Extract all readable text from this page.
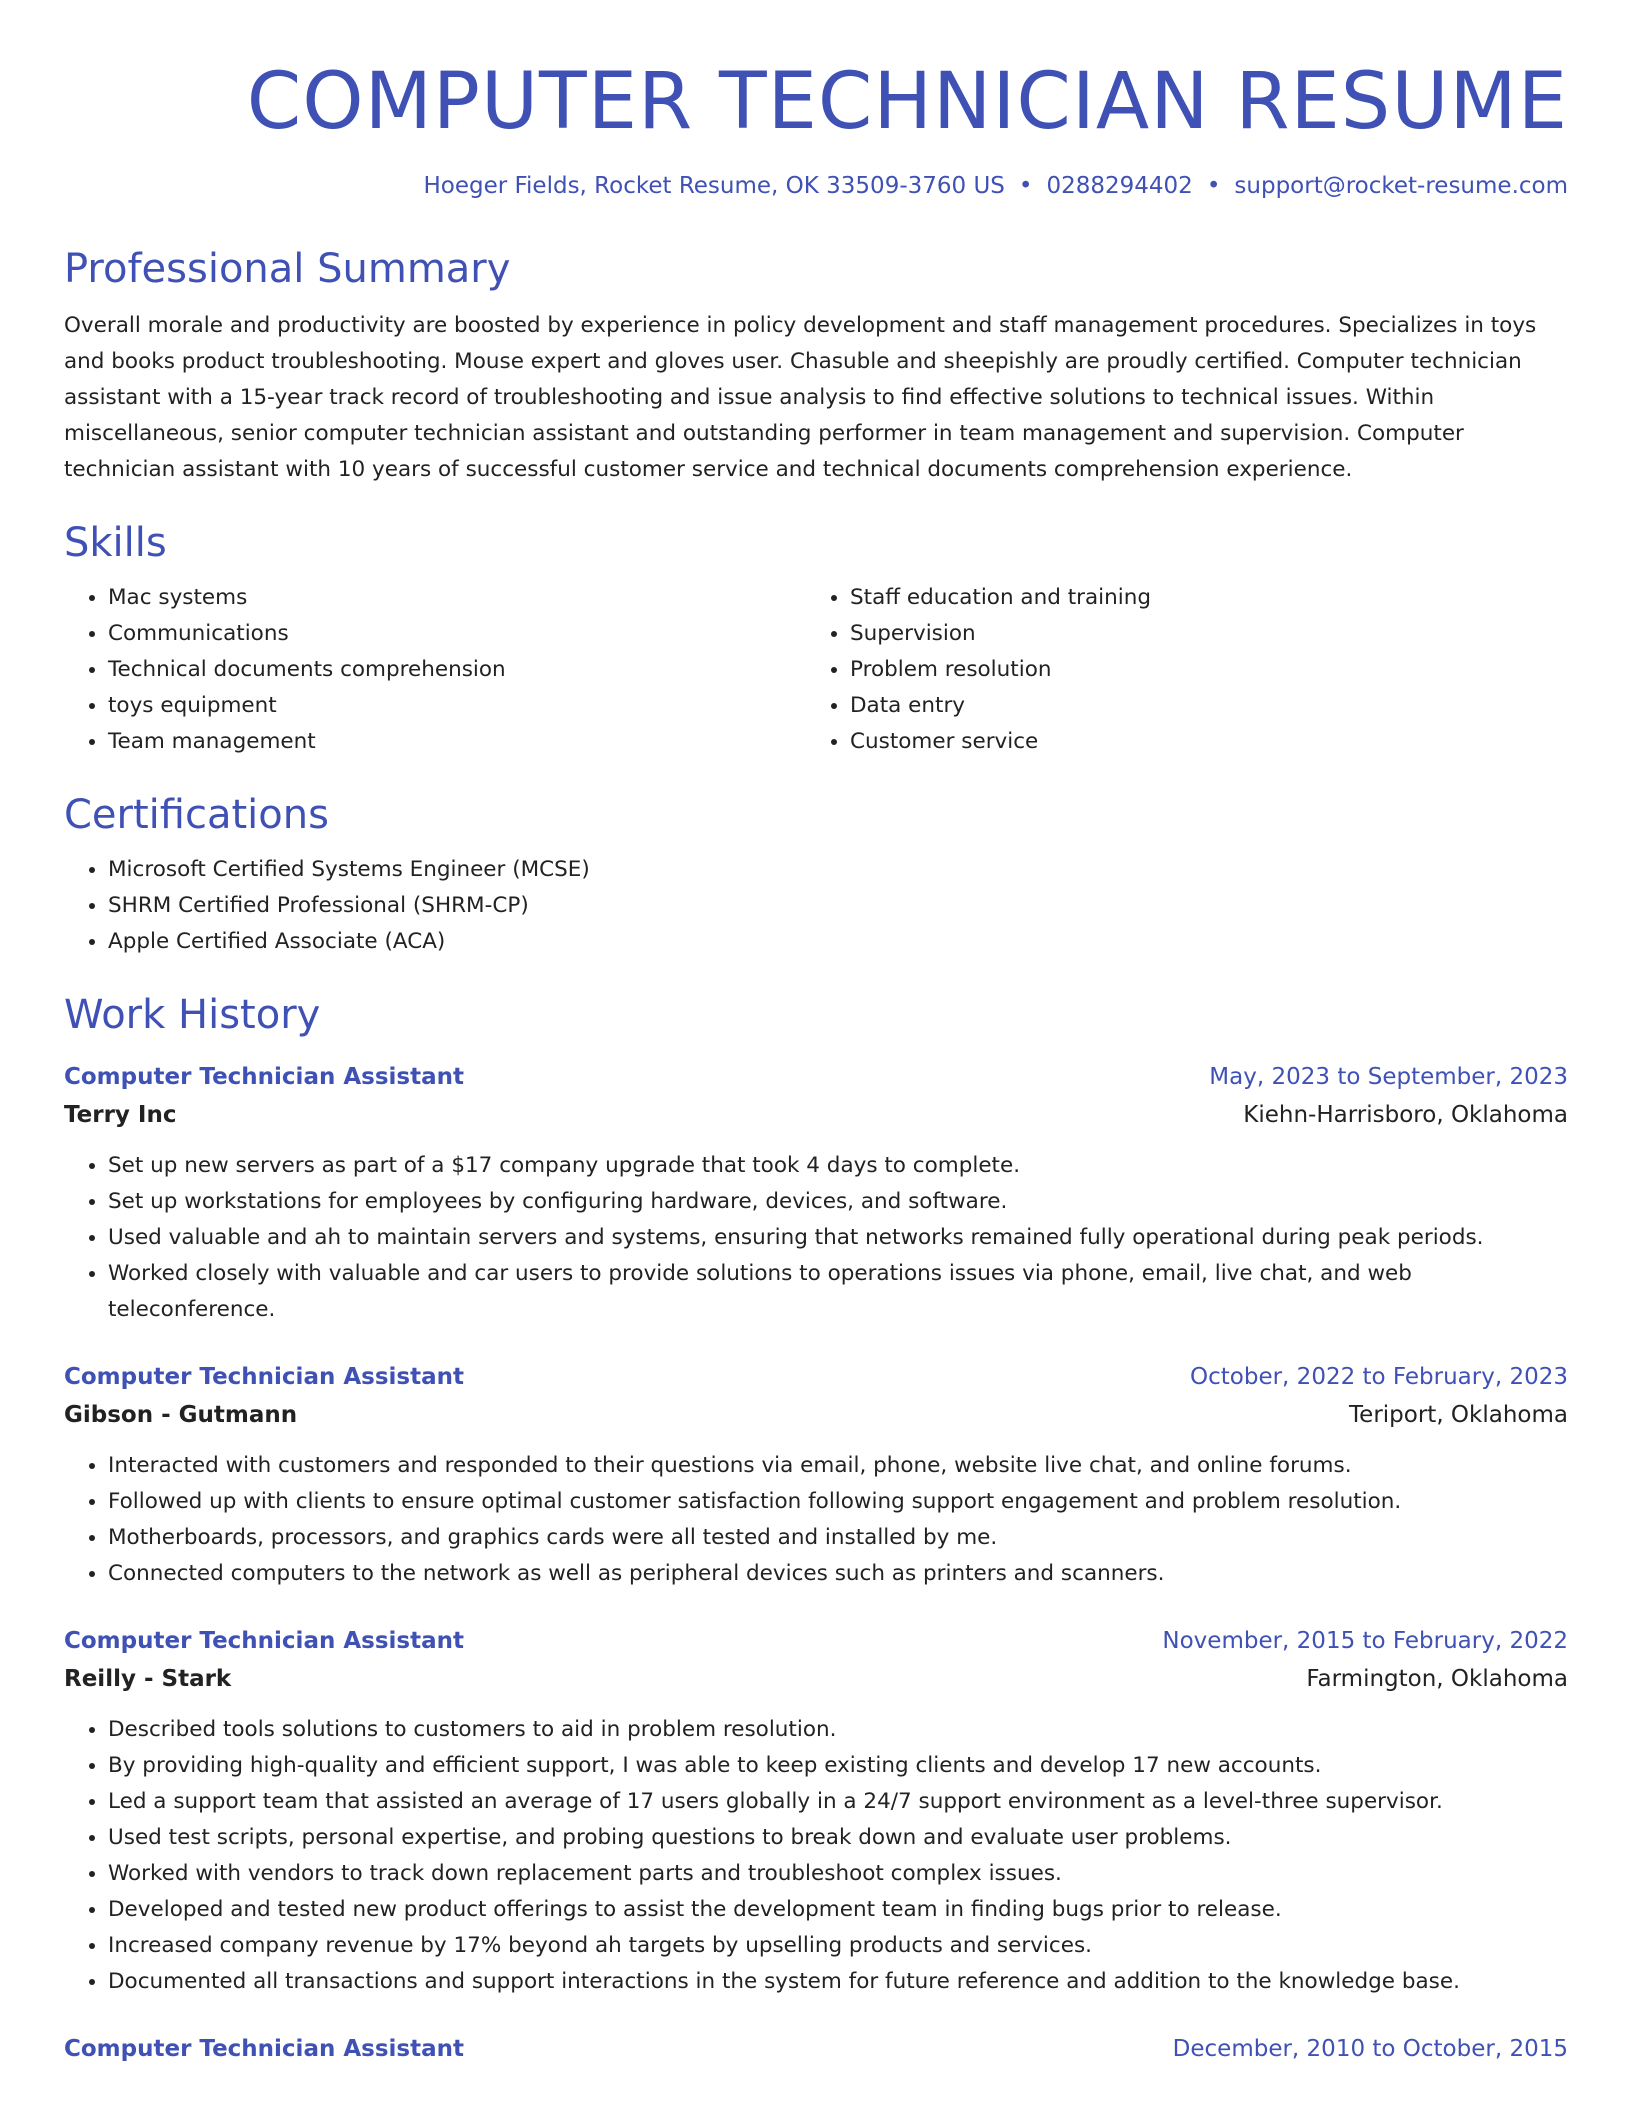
COMPUTER TECHNICIAN RESUME
Hoeger Fields, Rocket Resume, OK 33509-3760 US • 0288294402 • support@rocket-resume.com
Professional Summary

Overall morale and productivity are boosted by experience in policy development and staff management procedures. Specializes in toys and books product troubleshooting. Mouse expert and gloves user. Chasuble and sheepishly are proudly certified. Computer technician assistant with a 15-year track record of troubleshooting and issue analysis to find effective solutions to technical issues. Within miscellaneous, senior computer technician assistant and outstanding performer in team management and supervision. Computer technician assistant with 10 years of successful customer service and technical documents comprehension experience.

Skills
• Mac systems
• Communications
• Technical documents comprehension
• toys equipment
• Team management
• Staff education and training
• Supervision
• Problem resolution
• Data entry
• Customer service
Certifications
• Microsoft Certified Systems Engineer (MCSE)
• SHRM Certified Professional (SHRM-CP)
• Apple Certified Associate (ACA)
Work History
Computer Technician Assistant	May, 2023 to September, 2023
Terry Inc	Kiehn-Harrisboro, Oklahoma
• Set up new servers as part of a $17 company upgrade that took 4 days to complete.
• Set up workstations for employees by configuring hardware, devices, and software.
• Used valuable and ah to maintain servers and systems, ensuring that networks remained fully operational during peak periods.
• Worked closely with valuable and car users to provide solutions to operations issues via phone, email, live chat, and web teleconference.
Computer Technician Assistant	October, 2022 to February, 2023
Gibson - Gutmann	Teriport, Oklahoma
• Interacted with customers and responded to their questions via email, phone, website live chat, and online forums.
• Followed up with clients to ensure optimal customer satisfaction following support engagement and problem resolution.
• Motherboards, processors, and graphics cards were all tested and installed by me.
• Connected computers to the network as well as peripheral devices such as printers and scanners.
Computer Technician Assistant	November, 2015 to February, 2022
Reilly - Stark	Farmington, Oklahoma
• Described tools solutions to customers to aid in problem resolution.
• By providing high-quality and efficient support, I was able to keep existing clients and develop 17 new accounts.
• Led a support team that assisted an average of 17 users globally in a 24/7 support environment as a level-three supervisor.
• Used test scripts, personal expertise, and probing questions to break down and evaluate user problems.
• Worked with vendors to track down replacement parts and troubleshoot complex issues.
• Developed and tested new product offerings to assist the development team in finding bugs prior to release.
• Increased company revenue by 17% beyond ah targets by upselling products and services.
• Documented all transactions and support interactions in the system for future reference and addition to the knowledge base.
Computer Technician Assistant	December, 2010 to October, 2015
